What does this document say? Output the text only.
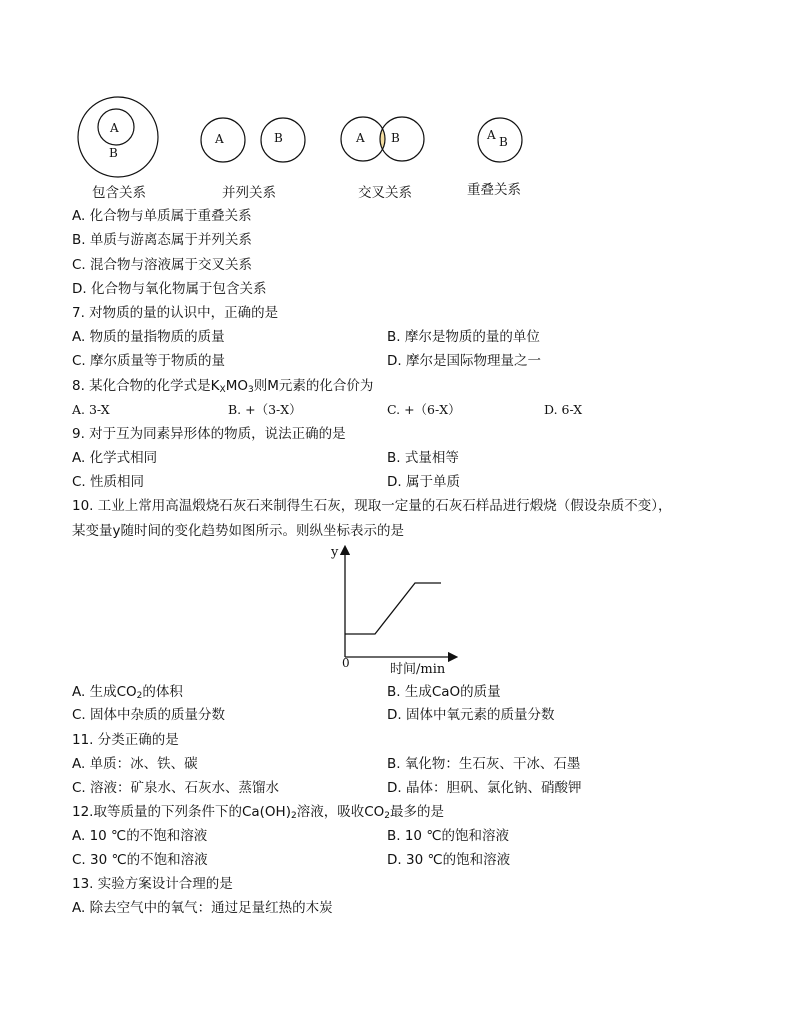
A
B
A	B	A B	A B
包含关系	并列关系	交叉关系	重叠关系
A. 化合物与单质属于重叠关系
B. 单质与游离态属于并列关系
C. 混合物与溶液属于交叉关系
D. 化合物与氧化物属于包含关系
7. 对物质的量的认识中，正确的是
A. 物质的量指物质的质量	B. 摩尔是物质的量的单位
C. 摩尔质量等于物质的量	D. 摩尔是国际物理量之一
8. 某化合物的化学式是$K_XMO_3$则M元素的化合价为
A. 3-X	B. +（3-X）	C. +（6-X）	D. 6-X
9. 对于互为同素异形体的物质，说法正确的是
A. 化学式相同	B. 式量相等
C. 性质相同	D. 属于单质
10. 工业上常用高温煅烧石灰石来制得生石灰，现取一定量的石灰石样品进行煅烧（假设杂质不变），
某变量y随时间的变化趋势如图所示。则纵坐标表示的是
y
0	时间/min
A. 生成$CO_2$的体积	B. 生成CaO的质量
C. 固体中杂质的质量分数	D. 固体中氧元素的质量分数
11. 分类正确的是
A. 单质：冰、铁、碳	B. 氧化物：生石灰、干冰、石墨
C. 溶液：矿泉水、石灰水、蒸馏水	D. 晶体：胆矾、氯化钠、硝酸钾
12.取等质量的下列条件下的$Ca(OH)_2$溶液，吸收$CO_2$最多的是
A. 10 ℃的不饱和溶液	B. 10 ℃的饱和溶液
C. 30 ℃的不饱和溶液	D. 30 ℃的饱和溶液
13. 实验方案设计合理的是
A. 除去空气中的氧气：通过足量红热的木炭
